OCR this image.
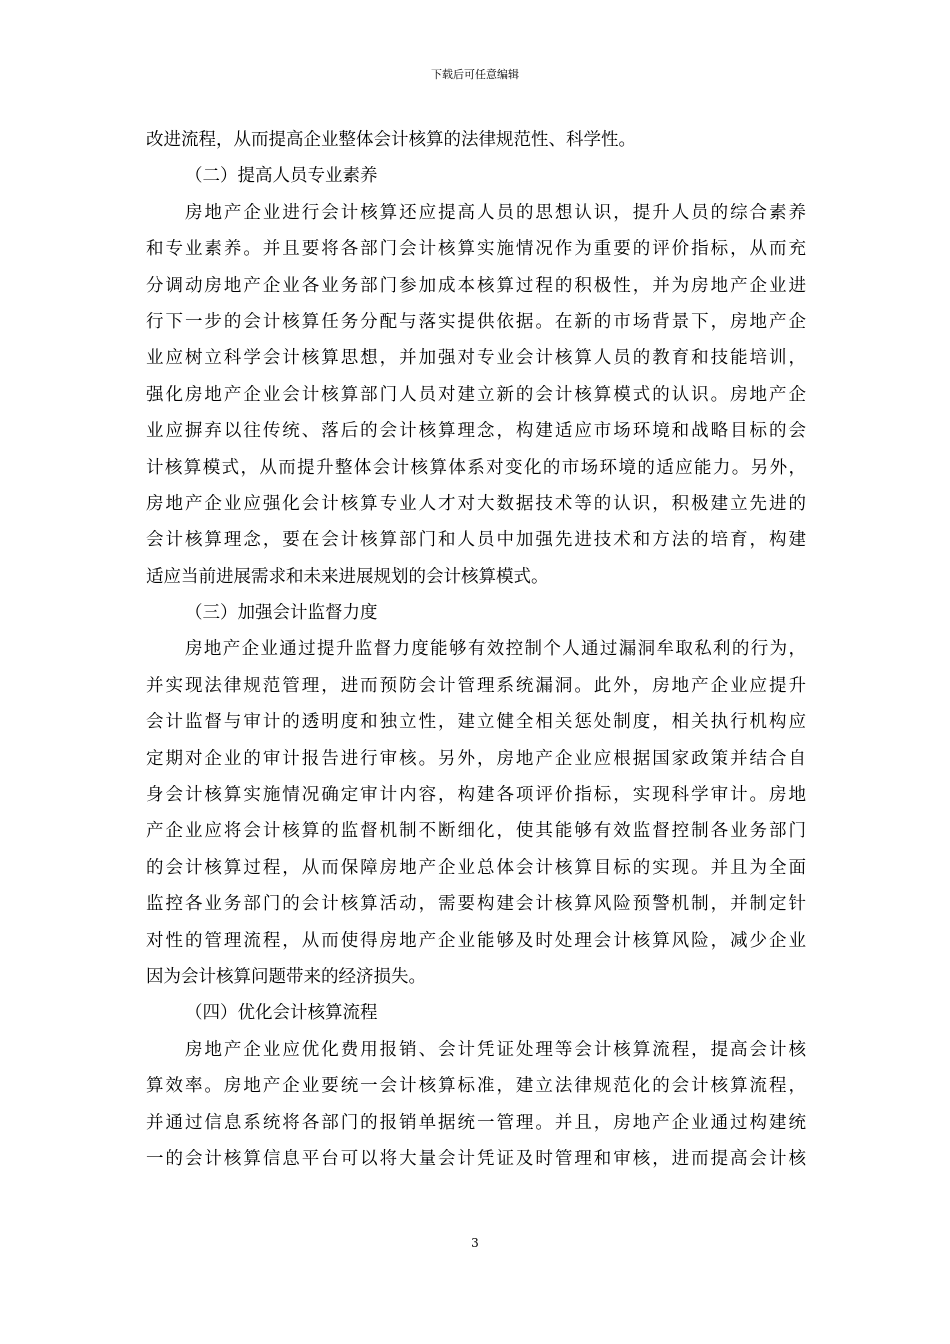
下载后可任意编辑
改进流程，从而提高企业整体会计核算的法律规范性、科学性。
（二）提高人员专业素养
房地产企业进行会计核算还应提高人员的思想认识，提升人员的综合素养
和专业素养。并且要将各部门会计核算实施情况作为重要的评价指标，从而充
分调动房地产企业各业务部门参加成本核算过程的积极性，并为房地产企业进
行下一步的会计核算任务分配与落实提供依据。在新的市场背景下，房地产企
业应树立科学会计核算思想，并加强对专业会计核算人员的教育和技能培训，
强化房地产企业会计核算部门人员对建立新的会计核算模式的认识。房地产企
业应摒弃以往传统、落后的会计核算理念，构建适应市场环境和战略目标的会
计核算模式，从而提升整体会计核算体系对变化的市场环境的适应能力。另外，
房地产企业应强化会计核算专业人才对大数据技术等的认识，积极建立先进的
会计核算理念，要在会计核算部门和人员中加强先进技术和方法的培育，构建
适应当前进展需求和未来进展规划的会计核算模式。
（三）加强会计监督力度
房地产企业通过提升监督力度能够有效控制个人通过漏洞牟取私利的行为，
并实现法律规范管理，进而预防会计管理系统漏洞。此外，房地产企业应提升
会计监督与审计的透明度和独立性，建立健全相关惩处制度，相关执行机构应
定期对企业的审计报告进行审核。另外，房地产企业应根据国家政策并结合自
身会计核算实施情况确定审计内容，构建各项评价指标，实现科学审计。房地
产企业应将会计核算的监督机制不断细化，使其能够有效监督控制各业务部门
的会计核算过程，从而保障房地产企业总体会计核算目标的实现。并且为全面
监控各业务部门的会计核算活动，需要构建会计核算风险预警机制，并制定针
对性的管理流程，从而使得房地产企业能够及时处理会计核算风险，减少企业
因为会计核算问题带来的经济损失。
（四）优化会计核算流程
房地产企业应优化费用报销、会计凭证处理等会计核算流程，提高会计核
算效率。房地产企业要统一会计核算标准，建立法律规范化的会计核算流程，
并通过信息系统将各部门的报销单据统一管理。并且，房地产企业通过构建统
一的会计核算信息平台可以将大量会计凭证及时管理和审核，进而提高会计核
3
